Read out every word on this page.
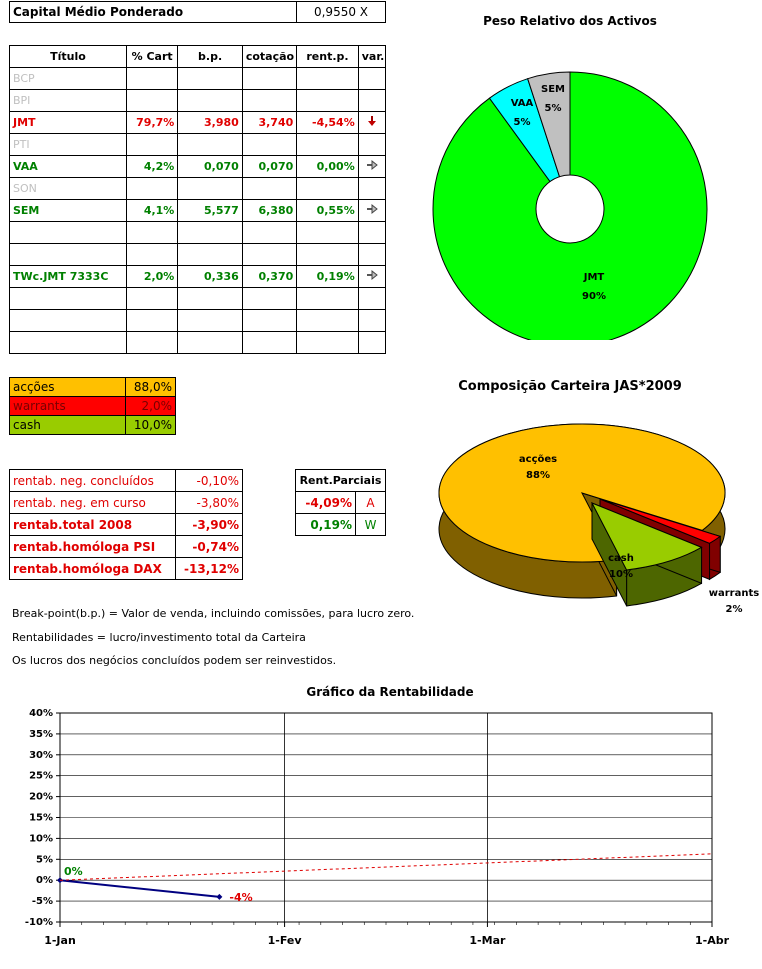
Capital Médio Ponderado	0,9550 X
Título	% Cart	b.p.	cotação	rent.p.	var.
BCP					
BPI					
JMT	79,7%	3,980	3,740	-4,54%	
PTI					
VAA	4,2%	0,070	0,070	0,00%	
SON					
SEM	4,1%	5,577	6,380	0,55%	

TWc.JMT 7333C	2,0%	0,336	0,370	0,19%	

acções	88,0%
warrants	2,0%
cash	10,0%
rentab. neg. concluídos	-0,10%
rentab. neg. em curso	-3,80%
rentab.total 2008	-3,90%
rentab.homóloga PSI	-0,74%
rentab.homóloga DAX	-13,12%
Rent.Parciais	
-4,09%	A
0,19%	W
Break-point(b.p.) = Valor de venda, incluindo comissões, para lucro zero.
Rentabilidades = lucro/investimento total da Carteira
Os lucros dos negócios concluídos podem ser reinvestidos.
Peso Relativo dos Activos
Composição Carteira JAS*2009
Gráfico da Rentabilidade
JMT
90%
VAA
5%
SEM
5%
acções
88%
warrants
2%
cash
10%
-10%
-5%
0%
5%
10%
15%
20%
25%
30%
35%
40%
1-Jan	1-Fev	1-Mar	1-Abr
0%
-4%
